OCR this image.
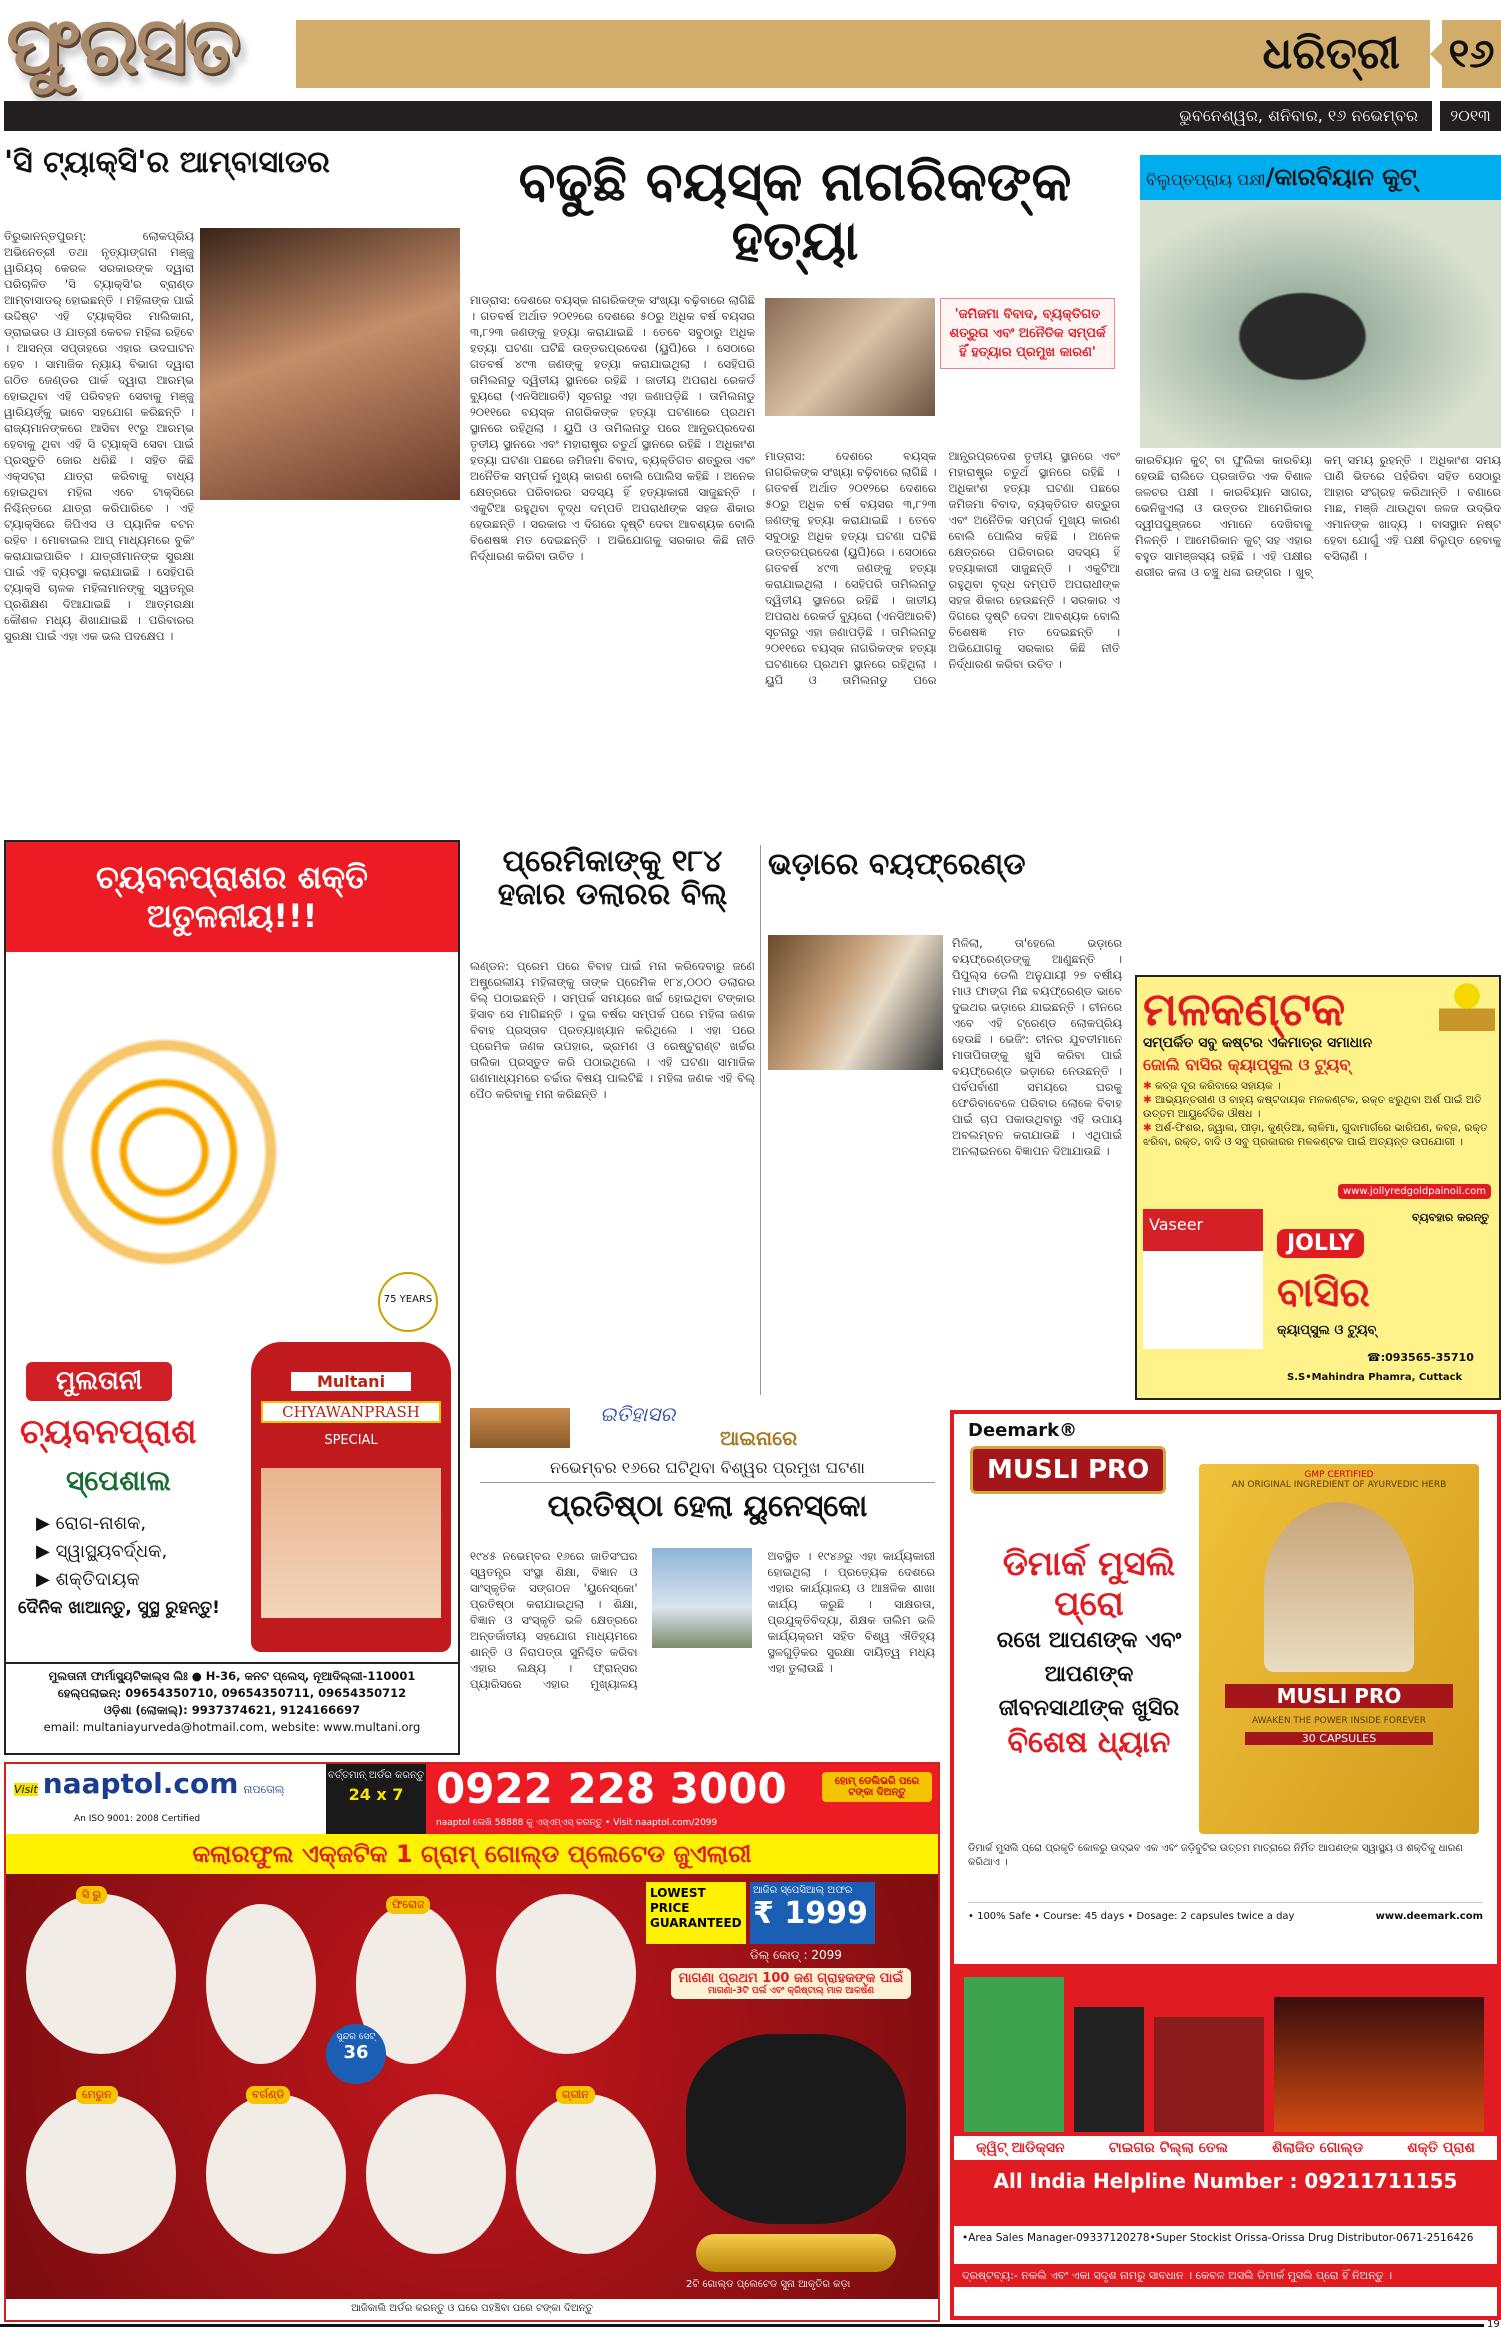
ଫୁରସତ	ଧରିତ୍ରୀ	୧୬
ଭୁବନେଶ୍ୱର, ଶନିବାର, ୧୬ ନଭେମ୍ବର	୨୦୧୩
'ସି ଟ୍ୟାକ୍ସି'ର ଆମ୍ବାସାଡର
ତିରୁଭାନନ୍ତପୁରମ୍: ଲୋକପ୍ରିୟ ଅଭିନେତ୍ରୀ ତଥା ନୃତ୍ୟାଙ୍ଗନା ମଞ୍ଜୁ ୱାରିୟର୍ କେରଳ ସରକାରଙ୍କ ଦ୍ୱାରା ପରିଚାଳିତ 'ସି ଟ୍ୟାକ୍ସି'ର ବ୍ରାଣ୍ଡ ଆମ୍ବାସାଡର୍ ହୋଇଛନ୍ତି । ମହିଳାଙ୍କ ପାଇଁ ଉଦ୍ଦିଷ୍ଟ ଏହି ଟ୍ୟାକ୍ସିର ମାଲିକାନା, ଡ୍ରାଇଭର ଓ ଯାତ୍ରୀ କେବଳ ମହିଳା ରହିବେ । ଆସନ୍ତା ସପ୍ତାହରେ ଏହାର ଉଦଘାଟନ ହେବ । ସାମାଜିକ ନ୍ୟାୟ ବିଭାଗ ଦ୍ୱାରା ଗଠିତ ଜେଣ୍ଡର ପାର୍କ ଦ୍ୱାରା ଆରମ୍ଭ ହୋଇଥିବା ଏହି ପରିବହନ ସେବାକୁ ମଞ୍ଜୁ ୱାରିୟର୍ଙ୍କୁ ଭାବେ ସହଯୋଗ କରିଛନ୍ତି । ରାଜ୍ୟମାନଙ୍କରେ ଆସିବା ୧୯ରୁ ଆରମ୍ଭ ହେବାକୁ ଥିବା ଏହି ସି ଟ୍ୟାକ୍ସି ସେବା ପାଇଁ ପ୍ରସ୍ତୁତି ଜୋର ଧରିଛି । ସହିତ କିଛି ଏକ୍ସଟ୍ରା ଯାତ୍ରା କରିବାକୁ ବାଧ୍ୟ ହୋଇଥିବା ମହିଳା ଏବେ ଟାକ୍ସିରେ ନିଶ୍ଚିନ୍ତରେ ଯାତ୍ରା କରିପାରିବେ । ଏହି ଟ୍ୟାକ୍ସିରେ ଜିପିଏସ ଓ ପ୍ୟାନିକ ବଟନ ରହିବ । ମୋବାଇଲ ଆପ୍ ମାଧ୍ୟମରେ ବୁକିଂ କରାଯାଇପାରିବ । ଯାତ୍ରୀମାନଙ୍କ ସୁରକ୍ଷା ପାଇଁ ଏହି ବ୍ୟବସ୍ଥା କରାଯାଇଛି । ସେହିପରି ଟ୍ୟାକ୍ସି ଚାଳକ ମହିଳାମାନଙ୍କୁ ସ୍ୱତନ୍ତ୍ର ପ୍ରଶିକ୍ଷଣ ଦିଆଯାଇଛି । ଆତ୍ମରକ୍ଷା କୌଶଳ ମଧ୍ୟ ଶିଖାଯାଇଛି । ପରିବାରର ସୁରକ୍ଷା ପାଇଁ ଏହା ଏକ ଭଲ ପଦକ୍ଷେପ ।
ବଢୁଛି ବୟସ୍କ ନାଗରିକଙ୍କ ହତ୍ୟା
'ଜମିଜମା ବିବାଦ, ବ୍ୟକ୍ତିଗତ ଶତ୍ରୁତା ଏବଂ ଅନୈତିକ ସମ୍ପର୍କ ହିଁ ହତ୍ୟାର ପ୍ରମୁଖ କାରଣ'
ମାଡ୍ରାସ: ଦେଶରେ ବୟସ୍କ ନାଗରିକଙ୍କ ସଂଖ୍ୟା ବଢ଼ିବାରେ ଲାଗିଛି । ଗତବର୍ଷ ଅର୍ଥାତ ୨୦୧୨ରେ ଦେଶରେ ୫୦ରୁ ଅଧିକ ବର୍ଷ ବୟସର ୩,୮୨୩ ଜଣଙ୍କୁ ହତ୍ୟା କରାଯାଇଛି । ତେବେ ସବୁଠାରୁ ଅଧିକ ହତ୍ୟା ଘଟଣା ଘଟିଛି ଉତ୍ତରପ୍ରଦେଶ (ୟୁପି)ରେ । ସେଠାରେ ଗତବର୍ଷ ୪୯୩ ଜଣଙ୍କୁ ହତ୍ୟା କରାଯାଇଥିଲା । ସେହିପରି ତାମିଲନାଡୁ ଦ୍ୱିତୀୟ ସ୍ଥାନରେ ରହିଛି । ଜାତୀୟ ଅପରାଧ ରେକର୍ଡ ବ୍ୟୁରୋ (ଏନସିଆରବି) ସୂଚନାରୁ ଏହା ଜଣାପଡ଼ିଛି । ତାମିଲନାଡୁ ୨୦୧୧ରେ ବୟସ୍କ ନାଗରିକଙ୍କ ହତ୍ୟା ଘଟଣାରେ ପ୍ରଥମ ସ୍ଥାନରେ ରହିଥିଲା । ୟୁପି ଓ ତାମିଲନାଡୁ ପରେ ଆନ୍ଧ୍ରପ୍ରଦେଶ ତୃତୀୟ ସ୍ଥାନରେ ଏବଂ ମହାରାଷ୍ଟ୍ର ଚତୁର୍ଥ ସ୍ଥାନରେ ରହିଛି । ଅଧିକାଂଶ ହତ୍ୟା ଘଟଣା ପଛରେ ଜମିଜମା ବିବାଦ, ବ୍ୟକ୍ତିଗତ ଶତ୍ରୁତା ଏବଂ ଅନୈତିକ ସମ୍ପର୍କ ମୁଖ୍ୟ କାରଣ ବୋଲି ପୋଲିସ କହିଛି । ଅନେକ କ୍ଷେତ୍ରରେ ପରିବାରର ସଦସ୍ୟ ହିଁ ହତ୍ୟାକାରୀ ସାଜୁଛନ୍ତି । ଏକୁଟିଆ ରହୁଥିବା ବୃଦ୍ଧ ଦମ୍ପତି ଅପରାଧୀଙ୍କ ସହଜ ଶିକାର ହେଉଛନ୍ତି । ସରକାର ଏ ଦିଗରେ ଦୃଷ୍ଟି ଦେବା ଆବଶ୍ୟକ ବୋଲି ବିଶେଷଜ୍ଞ ମତ ଦେଇଛନ୍ତି । ଅଭିଯୋଗକୁ ସରକାର କିଛି ନୀତି ନିର୍ଦ୍ଧାରଣ କରିବା ଉଚିତ ।
ମାଡ୍ରାସ: ଦେଶରେ ବୟସ୍କ ନାଗରିକଙ୍କ ସଂଖ୍ୟା ବଢ଼ିବାରେ ଲାଗିଛି । ଗତବର୍ଷ ଅର୍ଥାତ ୨୦୧୨ରେ ଦେଶରେ ୫୦ରୁ ଅଧିକ ବର୍ଷ ବୟସର ୩,୮୨୩ ଜଣଙ୍କୁ ହତ୍ୟା କରାଯାଇଛି । ତେବେ ସବୁଠାରୁ ଅଧିକ ହତ୍ୟା ଘଟଣା ଘଟିଛି ଉତ୍ତରପ୍ରଦେଶ (ୟୁପି)ରେ । ସେଠାରେ ଗତବର୍ଷ ୪୯୩ ଜଣଙ୍କୁ ହତ୍ୟା କରାଯାଇଥିଲା । ସେହିପରି ତାମିଲନାଡୁ ଦ୍ୱିତୀୟ ସ୍ଥାନରେ ରହିଛି । ଜାତୀୟ ଅପରାଧ ରେକର୍ଡ ବ୍ୟୁରୋ (ଏନସିଆରବି) ସୂଚନାରୁ ଏହା ଜଣାପଡ଼ିଛି । ତାମିଲନାଡୁ ୨୦୧୧ରେ ବୟସ୍କ ନାଗରିକଙ୍କ ହତ୍ୟା ଘଟଣାରେ ପ୍ରଥମ ସ୍ଥାନରେ ରହିଥିଲା । ୟୁପି ଓ ତାମିଲନାଡୁ ପରେ ଆନ୍ଧ୍ରପ୍ରଦେଶ ତୃତୀୟ ସ୍ଥାନରେ ଏବଂ ମହାରାଷ୍ଟ୍ର ଚତୁର୍ଥ ସ୍ଥାନରେ ରହିଛି । ଅଧିକାଂଶ ହତ୍ୟା ଘଟଣା ପଛରେ ଜମିଜମା ବିବାଦ, ବ୍ୟକ୍ତିଗତ ଶତ୍ରୁତା ଏବଂ ଅନୈତିକ ସମ୍ପର୍କ ମୁଖ୍ୟ କାରଣ ବୋଲି ପୋଲିସ କହିଛି । ଅନେକ କ୍ଷେତ୍ରରେ ପରିବାରର ସଦସ୍ୟ ହିଁ ହତ୍ୟାକାରୀ ସାଜୁଛନ୍ତି । ଏକୁଟିଆ ରହୁଥିବା ବୃଦ୍ଧ ଦମ୍ପତି ଅପରାଧୀଙ୍କ ସହଜ ଶିକାର ହେଉଛନ୍ତି । ସରକାର ଏ ଦିଗରେ ଦୃଷ୍ଟି ଦେବା ଆବଶ୍ୟକ ବୋଲି ବିଶେଷଜ୍ଞ ମତ ଦେଇଛନ୍ତି । ଅଭିଯୋଗକୁ ସରକାର କିଛି ନୀତି ନିର୍ଦ୍ଧାରଣ କରିବା ଉଚିତ ।
ବିଲୁପ୍ତପ୍ରାୟ ପକ୍ଷୀ/କାରବିୟାନ କୁଟ୍
କାରବିୟାନ କୁଟ୍ ବା ଫୁଲିକା କାରବିୟା ହେଉଛି ରାଲିଡେ ପ୍ରଜାତିର ଏକ ବିଶାଳ ଜଳଚର ପକ୍ଷୀ । କାରବିୟାନ ସାଗର, ଭେନିଜୁଏଲା ଓ ଉତ୍ତର ଆମେରିକାର ଦ୍ୱୀପପୁଞ୍ଜରେ ଏମାନେ ଦେଖିବାକୁ ମିଳନ୍ତି । ଆମେରିକାନ କୁଟ୍ ସହ ଏହାର ବହୁତ ସାମଞ୍ଜସ୍ୟ ରହିଛି । ଏହି ପକ୍ଷୀର ଶରୀର କଳା ଓ ଚଞ୍ଚୁ ଧଳା ରଙ୍ଗର । ଖୁବ୍ କମ୍ ସମୟ ରୁହନ୍ତି । ଅଧିକାଂଶ ସମୟ ପାଣି ଭିତରେ ପହଁରିବା ସହିତ ସେଠାରୁ ଆହାର ସଂଗ୍ରହ କରିଥାନ୍ତି । ବଣାରେ ମାଛ, ମଞ୍ଜି ଥାଉଥିବା ଜଳଜ ଉଦ୍ଭିଦ ଏମାନଙ୍କ ଖାଦ୍ୟ । ବାସସ୍ଥାନ ନଷ୍ଟ ହେବା ଯୋଗୁଁ ଏହି ପକ୍ଷୀ ବିଲୁପ୍ତ ହେବାକୁ ବସିଲାଣି ।
ଚ୍ୟବନପ୍ରାଶର ଶକ୍ତି ଅତୁଳନୀୟ!!!
75 YEARS
ମୁଲତାନୀ
ଚ୍ୟବନପ୍ରାଶ
ସ୍ପେଶାଲ
▶ ରୋଗ-ନାଶକ,
▶ ସ୍ୱାସ୍ଥ୍ୟବର୍ଦ୍ଧକ,
▶ ଶକ୍ତିଦାୟକ
ଦୈନିକ ଖାଆନ୍ତୁ, ସୁସ୍ଥ ରୁହନ୍ତୁ!
Multani
CHYAWANPRASH
SPECIAL
ମୁଲତାନୀ ଫାର୍ମାସ୍ୟୁଟିକାଲ୍ସ ଲିଃ ● H-36, କନଟ ପ୍ଲେସ୍, ନୂଆଦିଲ୍ଲୀ-110001
ହେଲ୍ପଲାଇନ୍: 09654350710, 09654350711, 09654350712
ଓଡ଼ିଶା (ଲୋକାଲ୍): 9937374621, 9124166697
email: multaniayurveda@hotmail.com, website: www.multani.org
ପ୍ରେମିକାଙ୍କୁ ୧୮୪ ହଜାର ଡଲାରର ବିଲ୍
ଲଣ୍ଡନ: ପ୍ରେମ ପରେ ବିବାହ ପାଇଁ ମନା କରିଦେବାରୁ ଜଣେ ଅଷ୍ଟ୍ରେଲୀୟ ମହିଳାଙ୍କୁ ତାଙ୍କ ପ୍ରେମିକ ୧୮୪,୦୦୦ ଡଲାରର ବିଲ୍ ପଠାଇଛନ୍ତି । ସମ୍ପର୍କ ସମୟରେ ଖର୍ଚ୍ଚ ହୋଇଥିବା ଟଙ୍କାର ହିସାବ ସେ ମାଗିଛନ୍ତି । ଦୁଇ ବର୍ଷର ସମ୍ପର୍କ ପରେ ମହିଳା ଜଣକ ବିବାହ ପ୍ରସ୍ତାବ ପ୍ରତ୍ୟାଖ୍ୟାନ କରିଥିଲେ । ଏହା ପରେ ପ୍ରେମିକ ଜଣକ ଉପହାର, ଭ୍ରମଣ ଓ ରେଷ୍ଟୁରାଣ୍ଟ ଖର୍ଚ୍ଚର ତାଲିକା ପ୍ରସ୍ତୁତ କରି ପଠାଇଥିଲେ । ଏହି ଘଟଣା ସାମାଜିକ ଗଣମାଧ୍ୟମରେ ଚର୍ଚ୍ଚାର ବିଷୟ ପାଲଟିଛି । ମହିଳା ଜଣକ ଏହି ବିଲ୍ ପୈଠ କରିବାକୁ ମନା କରିଛନ୍ତି ।
ଭଡ଼ାରେ ବୟଫ୍ରେଣ୍ଡ
ମିଳିଲା, ତା'ହେଲେ ଭଡ଼ାରେ ବୟଫ୍ରେଣ୍ଡଙ୍କୁ ଆଣୁଛନ୍ତି । ପିପୁଲ୍ସ ଡେଲି ଅନୁଯାୟୀ ୨୭ ବର୍ଷୀୟ ମାଓ ଫାଙ୍ଗ ମିଛ ବୟଫ୍ରେଣ୍ଡ ଭାବେ ଦୁଇଥର ଭଡ଼ାରେ ଯାଇଛନ୍ତି । ଚୀନରେ ଏବେ ଏହି ଟ୍ରେଣ୍ଡ ଲୋକପ୍ରିୟ ହେଉଛି । ଭେଜିଂ: ଚୀନର ଯୁବତୀମାନେ ମାତାପିତାଙ୍କୁ ଖୁସି କରିବା ପାଇଁ ବୟଫ୍ରେଣ୍ଡ ଭଡ଼ାରେ ନେଉଛନ୍ତି । ପର୍ବପର୍ବାଣୀ ସମୟରେ ଘରକୁ ଫେରିବାବେଳେ ପରିବାର ଲୋକେ ବିବାହ ପାଇଁ ଚାପ ପକାଉଥିବାରୁ ଏହି ଉପାୟ ଅବଲମ୍ବନ କରାଯାଉଛି । ଏଥିପାଇଁ ଅନଲାଇନରେ ବିଜ୍ଞାପନ ଦିଆଯାଉଛି ।
ଇତିହାସର
ଆଇନାରେ
ନଭେମ୍ବର ୧୬ରେ ଘଟିଥିବା ବିଶ୍ୱର ପ୍ରମୁଖ ଘଟଣା
ପ୍ରତିଷ୍ଠା ହେଲା ୟୁନେସ୍କୋ
୧୯୪୫ ନଭେମ୍ବର ୧୬ରେ ଜାତିସଂଘର ସ୍ୱତନ୍ତ୍ର ସଂସ୍ଥା ଶିକ୍ଷା, ବିଜ୍ଞାନ ଓ ସାଂସ୍କୃତିକ ସଙ୍ଗଠନ 'ୟୁନେସ୍କୋ' ପ୍ରତିଷ୍ଠା କରାଯାଇଥିଲା । ଶିକ୍ଷା, ବିଜ୍ଞାନ ଓ ସଂସ୍କୃତି ଭଳି କ୍ଷେତ୍ରରେ ଅନ୍ତର୍ଜାତୀୟ ସହଯୋଗ ମାଧ୍ୟମରେ ଶାନ୍ତି ଓ ନିରାପତ୍ତା ସୁନିଶ୍ଚିତ କରିବା ଏହାର ଲକ୍ଷ୍ୟ । ଫ୍ରାନ୍ସର ପ୍ୟାରିସରେ ଏହାର ମୁଖ୍ୟାଳୟ ଅବସ୍ଥିତ । ୧୯୪୬ରୁ ଏହା କାର୍ଯ୍ୟକାରୀ ହୋଇଥିଲା । ପ୍ରତ୍ୟେକ ଦେଶରେ ଏହାର କାର୍ଯ୍ୟାଳୟ ଓ ଆଞ୍ଚଳିକ ଶାଖା କାର୍ଯ୍ୟ କରୁଛି । ସାକ୍ଷରତା, ପ୍ରଯୁକ୍ତିବିଦ୍ୟା, ଶିକ୍ଷକ ତାଲିମ ଭଳି କାର୍ଯ୍ୟକ୍ରମ ସହିତ ବିଶ୍ୱ ଐତିହ୍ୟ ସ୍ଥଳଗୁଡ଼ିକର ସୁରକ୍ଷା ଦାୟିତ୍ୱ ମଧ୍ୟ ଏହା ତୁଲାଉଛି ।
ମଳକଣ୍ଟକ
ସମ୍ପର୍କିତ ସବୁ କଷ୍ଟର ଏକମାତ୍ର ସମାଧାନ
ଜୋଲି ବାସିର କ୍ୟାପ୍ସୁଲ ଓ ଟ୍ୟୁବ୍
✱ କବ୍ଜ ଦୂର କରିବାରେ ସହାୟକ ।
✱ ଆଭ୍ୟନ୍ତରୀଣ ଓ ବାହ୍ୟ କଷ୍ଟଦାୟକ ମଳକଣ୍ଟକ, ରକ୍ତ ଝରୁଥିବା ଅର୍ଶ ପାଇଁ ଅତି ଉତ୍ତମ ଆୟୁର୍ବେଦିକ ଔଷଧ ।
✱ ଅର୍ଶ-ଫିଶର, ଜ୍ୱାଳା, ପୀଡ଼ା, କୁଣ୍ଡିଆ, ଲାଳିମା, ଗୁଦାମାର୍ଗରେ ଭାରିପଣ, କବ୍ଜ, ରକ୍ତ ଝରିବା, ରକ୍ତ, ବାଦି ଓ ସବୁ ପ୍ରକାରର ମଳକଣ୍ଟକ ପାଇଁ ଅତ୍ୟନ୍ତ ଉପଯୋଗୀ ।
www.jollyredgoldpainoil.com
Vaseer	ବ୍ୟବହାର କରନ୍ତୁ
JOLLY
ବାସିର
କ୍ୟାପ୍ସୁଲ ଓ ଟ୍ୟୁବ୍
☎:093565-35710
S.S•Mahindra Phamra, Cuttack
Deemark®
MUSLI PRO
ଡିମାର୍କ ମୁସଲି ପ୍ରୋ
ରଖେ ଆପଣଙ୍କ ଏବଂ ଆପଣଙ୍କ ଜୀବନସାଥୀଙ୍କ ଖୁସିର
ବିଶେଷ ଧ୍ୟାନ
GMP CERTIFIED
AN ORIGINAL INGREDIENT OF AYURVEDIC HERB
MUSLI PRO
AWAKEN THE POWER INSIDE FOREVER
30 CAPSULES
ଡିମାର୍କ ମୁସଲି ପ୍ରୋ ପ୍ରକୃତି କୋଳରୁ ଉଦ୍ଭବ ଏକ ଏବଂ ଜଡ଼ିବୁଟିର ଉତ୍ତମ ମାତ୍ରାରେ ନିର୍ମିତ ଆପଣଙ୍କ ସ୍ୱାସ୍ଥ୍ୟ ଓ ଶକ୍ତିକୁ ଧାରଣ କରିଥାଏ ।
• 100% Safe • Course: 45 days • Dosage: 2 capsules twice a day	www.deemark.com
କ୍ୱିଟ୍ ଆଡିକ୍ସନ	ଟାଇଗର ଟିଲ୍ଲା ତେଲ	ଶିଲାଜିତ ଗୋଲ୍ଡ	ଶକ୍ତି ପ୍ରାଶ
All India Helpline Number : 09211711155
•Area Sales Manager-09337120278•Super Stockist Orissa-Orissa Drug Distributor-0671-2516426
ଦ୍ରଷ୍ଟବ୍ୟ:- ନକଲି ଏବଂ ଏକା ସଦୃଶ ନାମରୁ ସାବଧାନ । କେବଳ ଅସଲି ଡିମାର୍କ ମୁସଲି ପ୍ରୋ ହିଁ ନିଅନ୍ତୁ ।
Visit naaptol.com ନାପତୋଲ୍
An ISO 9001: 2008 Certified
ବର୍ତ୍ତମାନ୍ ଅର୍ଡର କରନ୍ତୁ
24 x 7 0922 228 3000
naaptol ଲେଖି 58888 କୁ ଏସ୍ଏମ୍ଏସ୍ କରନ୍ତୁ • Visit naaptol.com/2099
ହୋମ୍ ଡେଲିଭରି ପରେ ଟଙ୍କା ଦିଅନ୍ତୁ
କଲାରଫୁଲ ଏକ୍ଜଟିକ 1 ଗ୍ରାମ୍ ଗୋଲ୍ଡ ପ୍ଲେଟେଡ ଜୁଏଲାରୀ
ସି ରୁ
ଫିରୋଜ
ମେରୁନ	ବର୍ଗଣ୍ଡି
ସୁନ୍ଦର ସେଟ୍
36
ଗ୍ରୀନ
LOWEST PRICE GUARANTEED
ଆଜିର ସ୍ପେସିଆଲ୍ ଅଫର
₹ 1999
ଡିଲ୍ କୋଡ୍ : 2099
ମାଗଣା ପ୍ରଥମ 100 ଜଣ ଗ୍ରାହକଙ୍କ ପାଇଁ
ମାଗଣା-3ଟି ପର୍ଲ ଏବଂ କ୍ରିଷ୍ଟାଲ୍ ମାଳ ଆକର୍ଷଣ
2ଟି ଗୋଲ୍ଡ ପ୍ଲେଟେଡ ସୁନା ଆକୃତିର କଡ଼ା
ଆଜିକାଲି ଅର୍ଡର କରନ୍ତୁ ଓ ଘରେ ପହଞ୍ଚିବା ପରେ ଟଙ୍କା ଦିଅନ୍ତୁ
19
